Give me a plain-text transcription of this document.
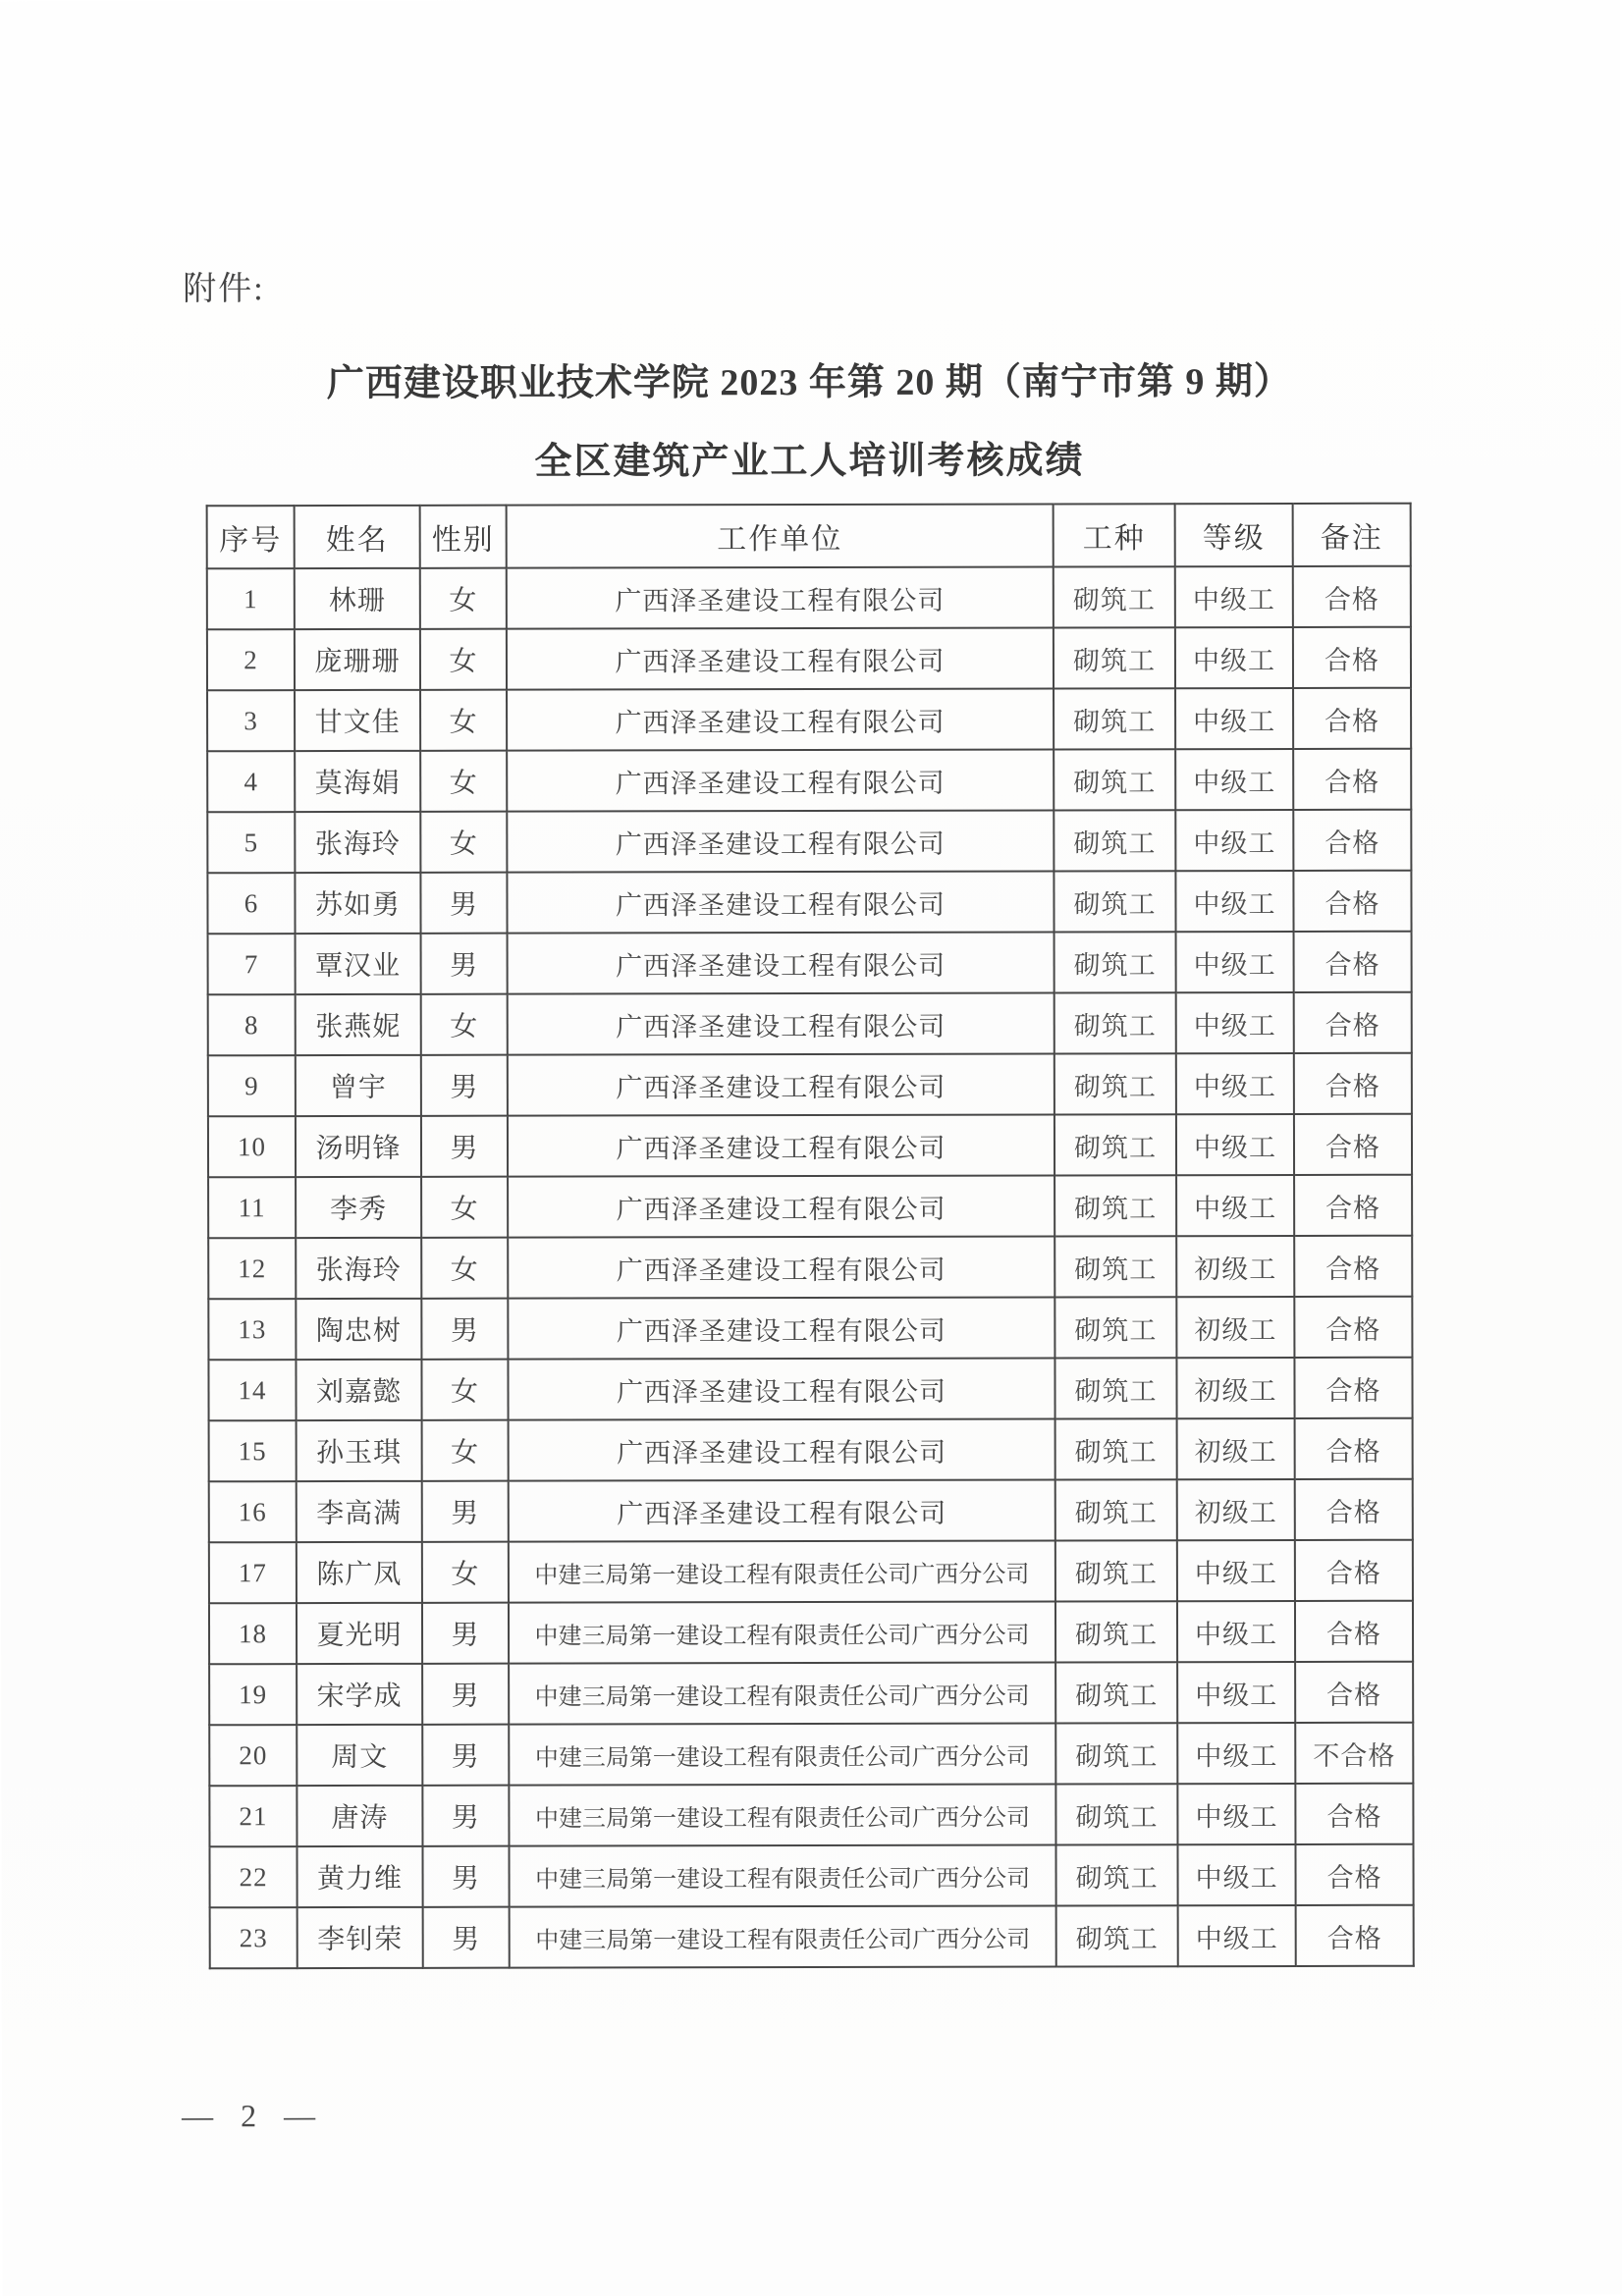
附件:
广西建设职业技术学院 2023 年第 20 期（南宁市第 9 期）
全区建筑产业工人培训考核成绩
序号	姓名	性别	工作单位	工种	等级	备注
1	林珊	女	广西泽圣建设工程有限公司	砌筑工	中级工	合格
2	庞珊珊	女	广西泽圣建设工程有限公司	砌筑工	中级工	合格
3	甘文佳	女	广西泽圣建设工程有限公司	砌筑工	中级工	合格
4	莫海娟	女	广西泽圣建设工程有限公司	砌筑工	中级工	合格
5	张海玲	女	广西泽圣建设工程有限公司	砌筑工	中级工	合格
6	苏如勇	男	广西泽圣建设工程有限公司	砌筑工	中级工	合格
7	覃汉业	男	广西泽圣建设工程有限公司	砌筑工	中级工	合格
8	张燕妮	女	广西泽圣建设工程有限公司	砌筑工	中级工	合格
9	曾宇	男	广西泽圣建设工程有限公司	砌筑工	中级工	合格
10	汤明锋	男	广西泽圣建设工程有限公司	砌筑工	中级工	合格
11	李秀	女	广西泽圣建设工程有限公司	砌筑工	中级工	合格
12	张海玲	女	广西泽圣建设工程有限公司	砌筑工	初级工	合格
13	陶忠树	男	广西泽圣建设工程有限公司	砌筑工	初级工	合格
14	刘嘉懿	女	广西泽圣建设工程有限公司	砌筑工	初级工	合格
15	孙玉琪	女	广西泽圣建设工程有限公司	砌筑工	初级工	合格
16	李高满	男	广西泽圣建设工程有限公司	砌筑工	初级工	合格
17	陈广凤	女	中建三局第一建设工程有限责任公司广西分公司	砌筑工	中级工	合格
18	夏光明	男	中建三局第一建设工程有限责任公司广西分公司	砌筑工	中级工	合格
19	宋学成	男	中建三局第一建设工程有限责任公司广西分公司	砌筑工	中级工	合格
20	周文	男	中建三局第一建设工程有限责任公司广西分公司	砌筑工	中级工	不合格
21	唐涛	男	中建三局第一建设工程有限责任公司广西分公司	砌筑工	中级工	合格
22	黄力维	男	中建三局第一建设工程有限责任公司广西分公司	砌筑工	中级工	合格
23	李钊荣	男	中建三局第一建设工程有限责任公司广西分公司	砌筑工	中级工	合格
— 2 —
